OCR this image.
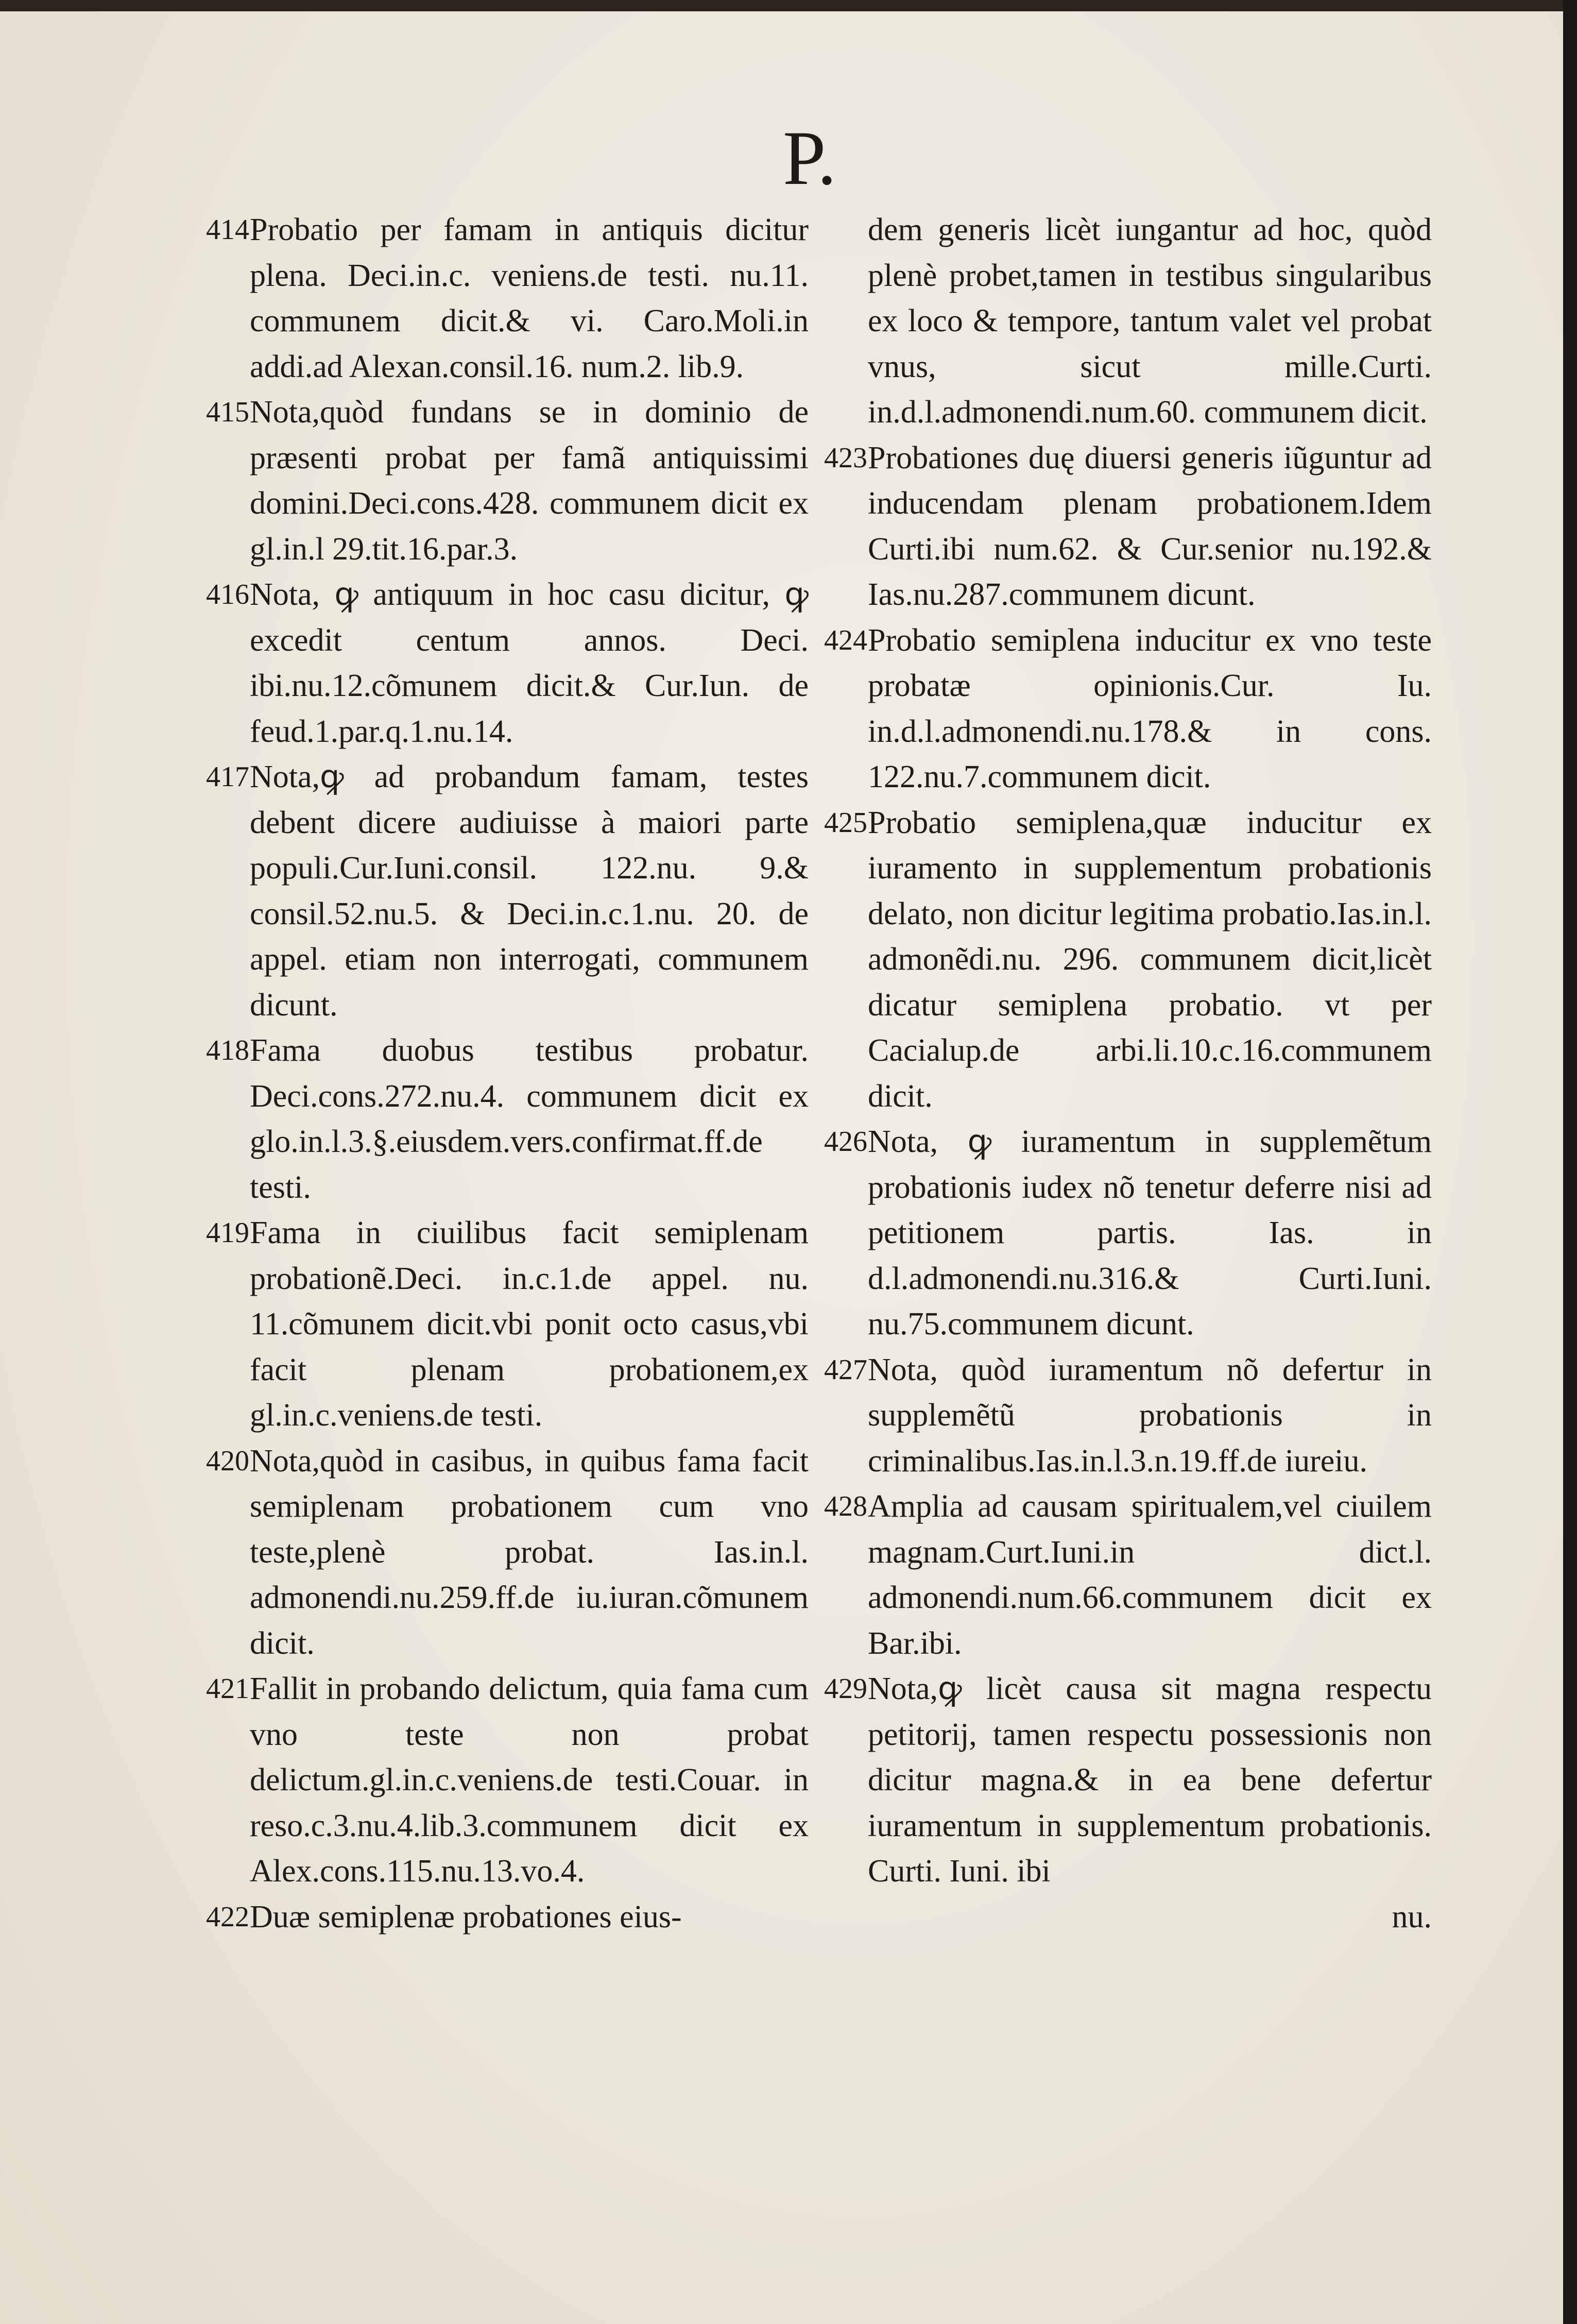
P.
414 Probatio per famam in antiquis dicitur plena. Deci.in.c. veniens.de testi. nu.11. communem dicit.& vi. Caro.Moli.in addi.ad Alexan.consil.16. num.2. lib.9.
415 Nota,quòd fundans se in dominio de præsenti probat per famã antiquissimi domini.Deci.cons.428. communem dicit ex gl.in.l 29.tit.16.par.3.
416 Nota, ꝙ antiquum in hoc casu dicitur, ꝙ excedit centum annos. Deci. ibi.nu.12.cõmunem dicit.& Cur.Iun. de feud.1.par.q.1.nu.14.
417 Nota,ꝙ ad probandum famam, testes debent dicere audiuisse à maiori parte populi.Cur.Iuni.consil. 122.nu. 9.& consil.52.nu.5. & Deci.in.c.1.nu. 20. de appel. etiam non interrogati, communem dicunt.
418 Fama duobus testibus probatur. Deci.cons.272.nu.4. communem dicit ex glo.in.l.3.§.eiusdem.vers.confirmat.ff.de testi.
419 Fama in ciuilibus facit semiplenam probationẽ.Deci. in.c.1.de appel. nu. 11.cõmunem dicit.vbi ponit octo casus,vbi facit plenam probationem,ex gl.in.c.veniens.de testi.
420 Nota,quòd in casibus, in quibus fama facit semiplenam probationem cum vno teste,plenè probat. Ias.in.l. admonendi.nu.259.ff.de iu.iuran.cõmunem dicit.
421 Fallit in probando delictum, quia fama cum vno teste non probat delictum.gl.in.c.veniens.de testi.Couar. in reso.c.3.nu.4.lib.3.communem dicit ex Alex.cons.115.nu.13.vo.4.
422 Duæ semiplenæ probationes eius-

dem generis licèt iungantur ad hoc, quòd plenè probet,tamen in testibus singularibus ex loco & tempore, tantum valet vel probat vnus, sicut mille.Curti. in.d.l.admonendi.num.60. communem dicit.

423 Probationes duę diuersi generis iũguntur ad inducendam plenam probationem.Idem Curti.ibi num.62. & Cur.senior nu.192.& Ias.nu.287.communem dicunt.
424 Probatio semiplena inducitur ex vno teste probatæ opinionis.Cur. Iu. in.d.l.admonendi.nu.178.& in cons. 122.nu.7.communem dicit.
425 Probatio semiplena,quæ inducitur ex iuramento in supplementum probationis delato, non dicitur legitima probatio.Ias.in.l. admonẽdi.nu. 296. communem dicit,licèt dicatur semiplena probatio. vt per Cacialup.de arbi.li.10.c.16.communem dicit.
426 Nota, ꝙ iuramentum in supplemẽtum probationis iudex nõ tenetur deferre nisi ad petitionem partis. Ias. in d.l.admonendi.nu.316.& Curti.Iuni. nu.75.communem dicunt.
427 Nota, quòd iuramentum nõ defertur in supplemẽtũ probationis in criminalibus.Ias.in.l.3.n.19.ff.de iureiu.
428 Amplia ad causam spiritualem,vel ciuilem magnam.Curt.Iuni.in dict.l. admonendi.num.66.communem dicit ex Bar.ibi.
429 Nota,ꝙ licèt causa sit magna respectu petitorij, tamen respectu possessionis non dicitur magna.& in ea bene defertur iuramentum in supplementum probationis. Curti. Iuni. ibi

nu.
